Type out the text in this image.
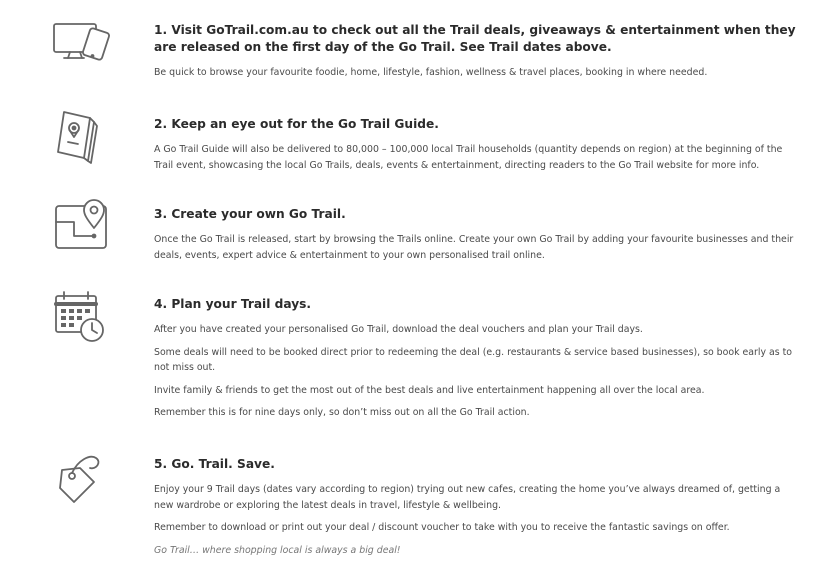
1. Visit GoTrail.com.au to check out all the Trail deals, giveaways & entertainment when they are released on the first day of the Go Trail. See Trail dates above.

Be quick to browse your favourite foodie, home, lifestyle, fashion, wellness & travel places, booking in where needed.

2. Keep an eye out for the Go Trail Guide.

A Go Trail Guide will also be delivered to 80,000 – 100,000 local Trail households (quantity depends on region) at the beginning of the Trail event, showcasing the local Go Trails, deals, events & entertainment, directing readers to the Go Trail website for more info.

3. Create your own Go Trail.

Once the Go Trail is released, start by browsing the Trails online. Create your own Go Trail by adding your favourite businesses and their deals, events, expert advice & entertainment to your own personalised trail online.

4. Plan your Trail days.

After you have created your personalised Go Trail, download the deal vouchers and plan your Trail days.

Some deals will need to be booked direct prior to redeeming the deal (e.g. restaurants & service based businesses), so book early as to not miss out.

Invite family & friends to get the most out of the best deals and live entertainment happening all over the local area.

Remember this is for nine days only, so don’t miss out on all the Go Trail action.

5. Go. Trail. Save.

Enjoy your 9 Trail days (dates vary according to region) trying out new cafes, creating the home you’ve always dreamed of, getting a new wardrobe or exploring the latest deals in travel, lifestyle & wellbeing.

Remember to download or print out your deal / discount voucher to take with you to receive the fantastic savings on offer.

Go Trail… where shopping local is always a big deal!
